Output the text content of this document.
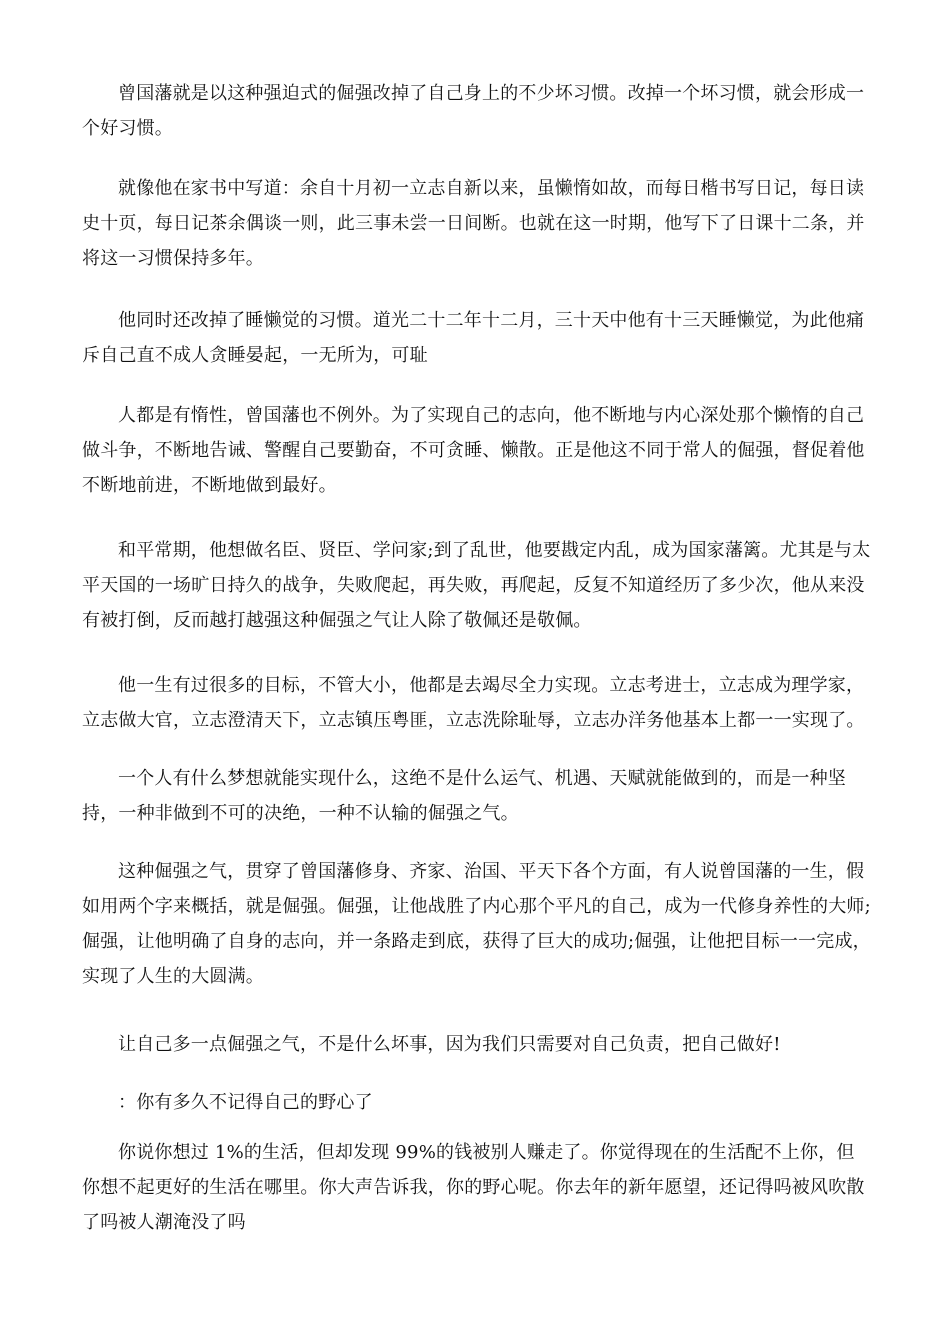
曾国藩就是以这种强迫式的倔强改掉了自己身上的不少坏习惯。改掉一个坏习惯，就会形成一个好习惯。

就像他在家书中写道：余自十月初一立志自新以来，虽懒惰如故，而每日楷书写日记，每日读史十页，每日记茶余偶谈一则，此三事未尝一日间断。也就在这一时期，他写下了日课十二条，并将这一习惯保持多年。

他同时还改掉了睡懒觉的习惯。道光二十二年十二月，三十天中他有十三天睡懒觉，为此他痛斥自己直不成人贪睡晏起，一无所为，可耻

人都是有惰性，曾国藩也不例外。为了实现自己的志向，他不断地与内心深处那个懒惰的自己做斗争，不断地告诫、警醒自己要勤奋，不可贪睡、懒散。正是他这不同于常人的倔强，督促着他不断地前进，不断地做到最好。

和平常期，他想做名臣、贤臣、学问家;到了乱世，他要戡定内乱，成为国家藩篱。尤其是与太平天国的一场旷日持久的战争，失败爬起，再失败，再爬起，反复不知道经历了多少次，他从来没有被打倒，反而越打越强这种倔强之气让人除了敬佩还是敬佩。

他一生有过很多的目标，不管大小，他都是去竭尽全力实现。立志考进士，立志成为理学家，立志做大官，立志澄清天下，立志镇压粤匪，立志洗除耻辱，立志办洋务他基本上都一一实现了。

一个人有什么梦想就能实现什么，这绝不是什么运气、机遇、天赋就能做到的，而是一种坚持，一种非做到不可的决绝，一种不认输的倔强之气。

这种倔强之气，贯穿了曾国藩修身、齐家、治国、平天下各个方面，有人说曾国藩的一生，假如用两个字来概括，就是倔强。倔强，让他战胜了内心那个平凡的自己，成为一代修身养性的大师;倔强，让他明确了自身的志向，并一条路走到底，获得了巨大的成功;倔强，让他把目标一一完成，实现了人生的大圆满。

让自己多一点倔强之气，不是什么坏事，因为我们只需要对自己负责，把自己做好!

：你有多久不记得自己的野心了

你说你想过 1%的生活，但却发现 99%的钱被别人赚走了。你觉得现在的生活配不上你，但你想不起更好的生活在哪里。你大声告诉我，你的野心呢。你去年的新年愿望，还记得吗被风吹散了吗被人潮淹没了吗
